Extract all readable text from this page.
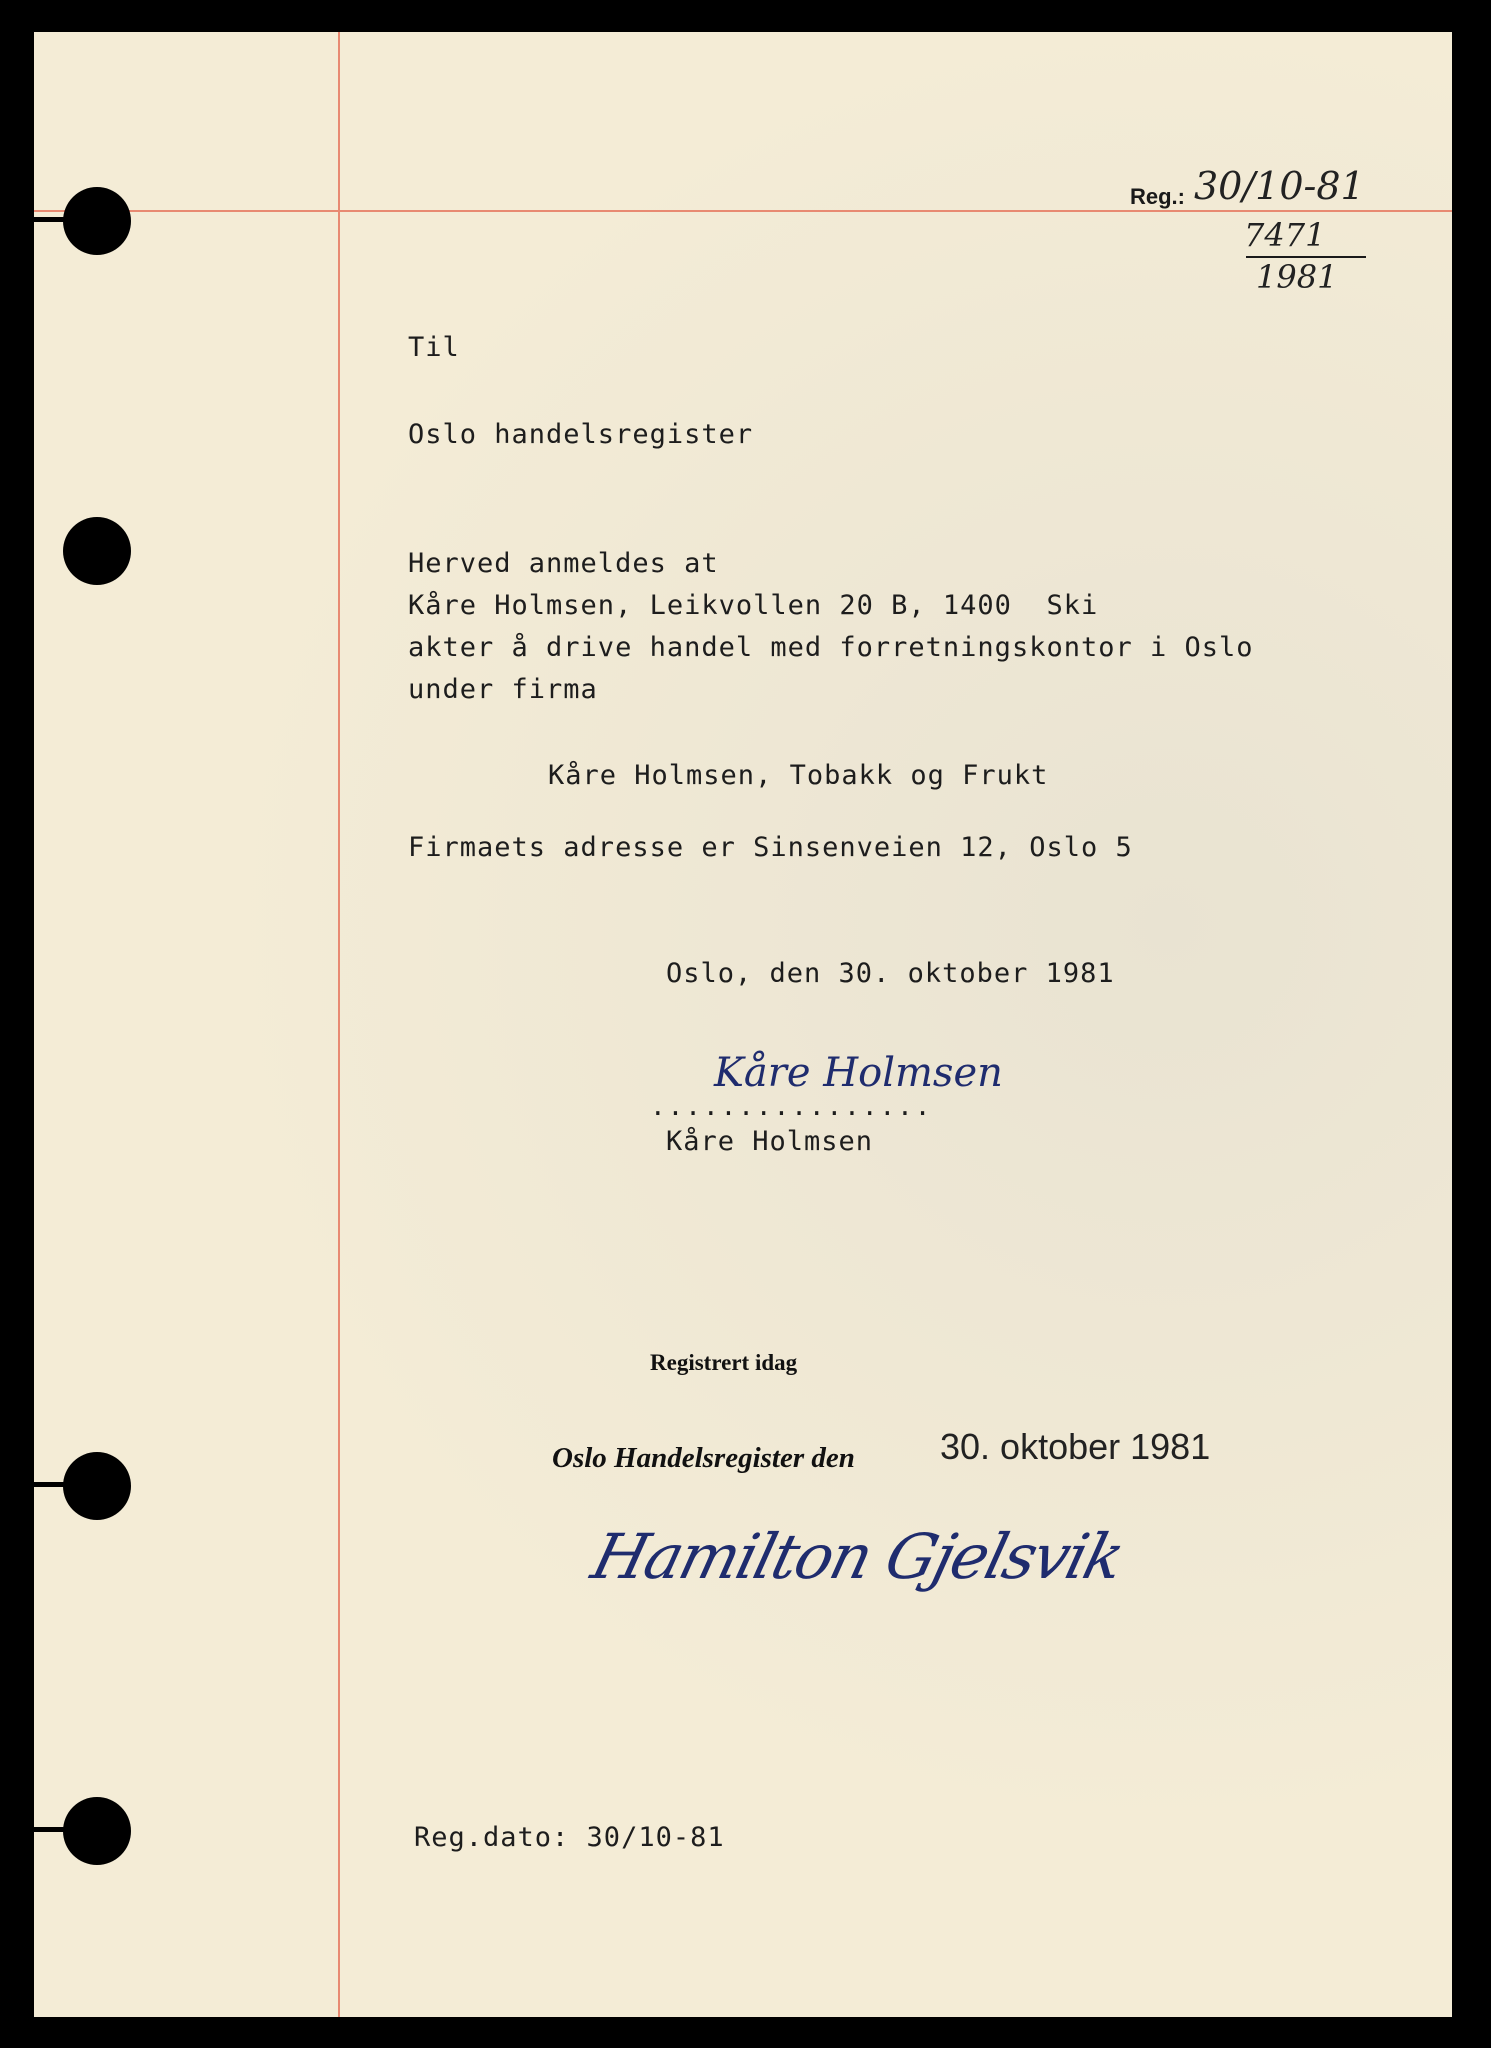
Reg.: 30/10-81
7471
1981

Til

Oslo handelsregister

Herved anmeldes at

Kåre Holmsen, Leikvollen 20 B, 1400  Ski

akter å drive handel med forretningskontor i Oslo

under firma

Kåre Holmsen, Tobakk og Frukt

Firmaets adresse er Sinsenveien 12, Oslo 5

Oslo, den 30. oktober 1981

Kåre Holmsen

................

Kåre Holmsen

Registrert idag
Oslo Handelsregister den 30. oktober 1981
Hamilton Gjelsvik

Reg.dato: 30/10-81
